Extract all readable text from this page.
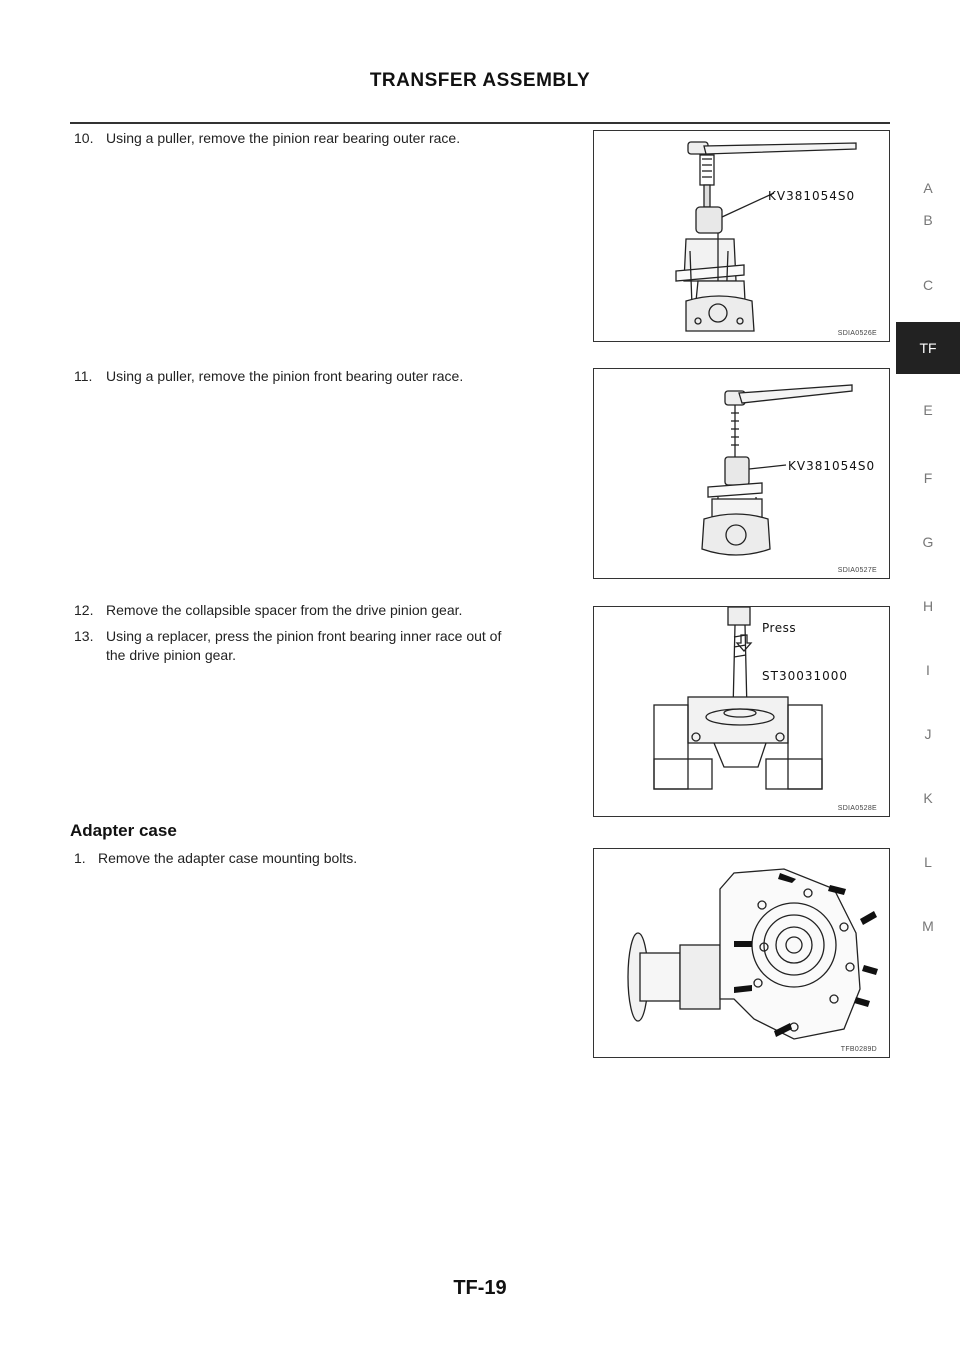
TRANSFER ASSEMBLY
A
B
C
TF
E
F
G
H
I
J
K
L
M
10. Using a puller, remove the pinion rear bearing outer race.
11. Using a puller, remove the pinion front bearing outer race.
12. Remove the collapsible spacer from the drive pinion gear.
13. Using a replacer, press the pinion front bearing inner race out of
the drive pinion gear.
Adapter case
1. Remove the adapter case mounting bolts.
KV381054S0
SDIA0526E
KV381054S0
SDIA0527E
Press
ST30031000
SDIA0528E
TFB0289D

TF-19
